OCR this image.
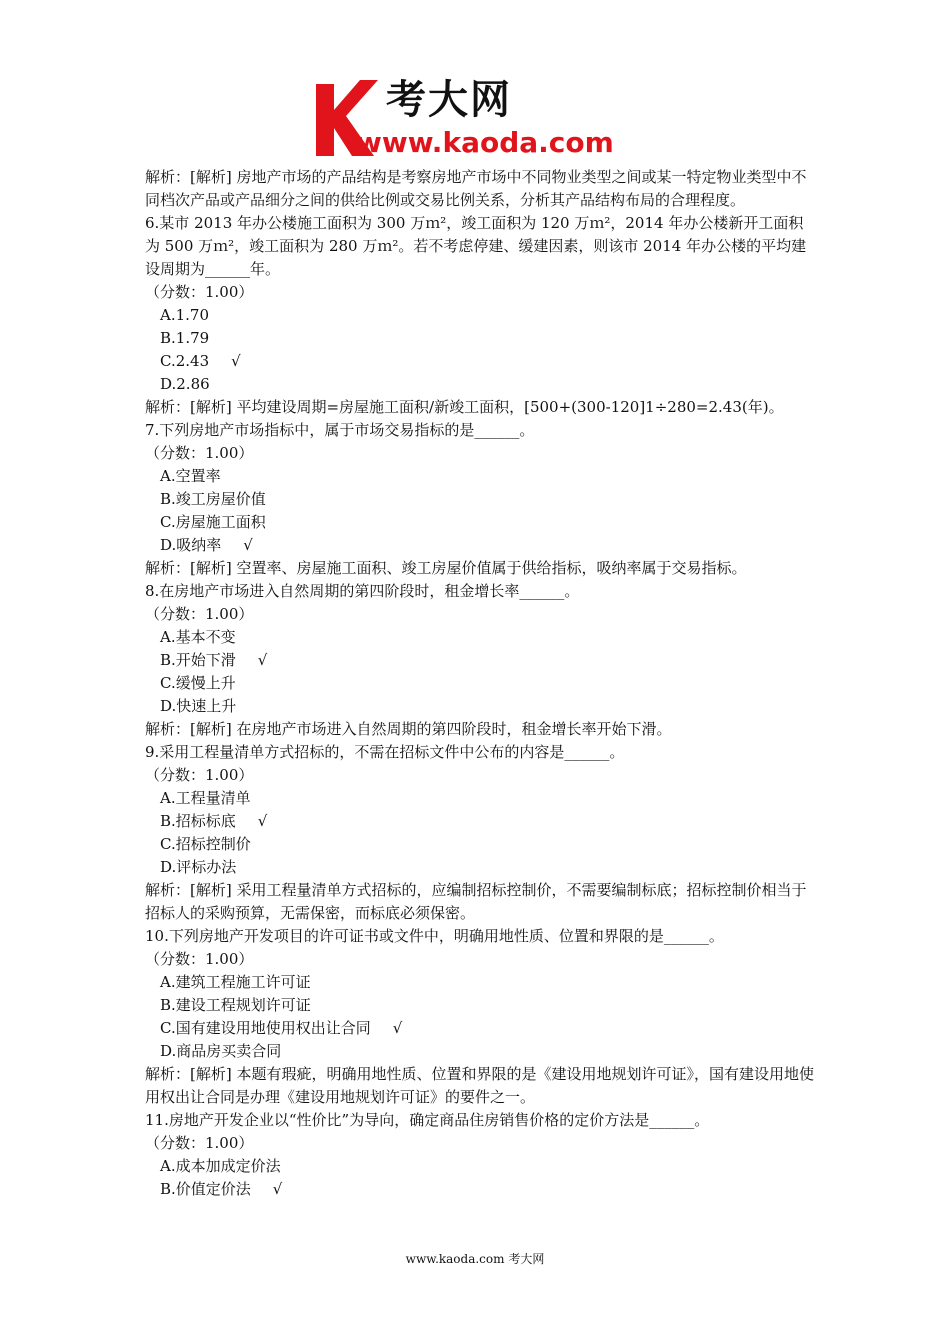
考大网
www.kaoda.com
解析：[解析] 房地产市场的产品结构是考察房地产市场中不同物业类型之间或某一特定物业类型中不同档次产品或产品细分之间的供给比例或交易比例关系，分析其产品结构布局的合理程度。
6.某市 2013 年办公楼施工面积为 300 万ｍ²，竣工面积为 120 万ｍ²，2014 年办公楼新开工面积为 500 万ｍ²，竣工面积为 280 万ｍ²。若不考虑停建、缓建因素，则该市 2014 年办公楼的平均建设周期为______年。
（分数：1.00）
A.1.70
B.1.79
C.2.43 √
D.2.86
解析：[解析] 平均建设周期=房屋施工面积/新竣工面积，[500+(300-120]1÷280=2.43(年)。
7.下列房地产市场指标中，属于市场交易指标的是______。
（分数：1.00）
A.空置率
B.竣工房屋价值
C.房屋施工面积
D.吸纳率 √
解析：[解析] 空置率、房屋施工面积、竣工房屋价值属于供给指标，吸纳率属于交易指标。
8.在房地产市场进入自然周期的第四阶段时，租金增长率______。
（分数：1.00）
A.基本不变
B.开始下滑 √
C.缓慢上升
D.快速上升
解析：[解析] 在房地产市场进入自然周期的第四阶段时，租金增长率开始下滑。
9.采用工程量清单方式招标的，不需在招标文件中公布的内容是______。
（分数：1.00）
A.工程量清单
B.招标标底 √
C.招标控制价
D.评标办法
解析：[解析] 采用工程量清单方式招标的，应编制招标控制价，不需要编制标底；招标控制价相当于招标人的采购预算，无需保密，而标底必须保密。
10.下列房地产开发项目的许可证书或文件中，明确用地性质、位置和界限的是______。
（分数：1.00）
A.建筑工程施工许可证
B.建设工程规划许可证
C.国有建设用地使用权出让合同 √
D.商品房买卖合同
解析：[解析] 本题有瑕疵，明确用地性质、位置和界限的是《建设用地规划许可证》，国有建设用地使用权出让合同是办理《建设用地规划许可证》的要件之一。
11.房地产开发企业以“性价比”为导向，确定商品住房销售价格的定价方法是______。
（分数：1.00）
A.成本加成定价法
B.价值定价法 √
www.kaoda.com 考大网
